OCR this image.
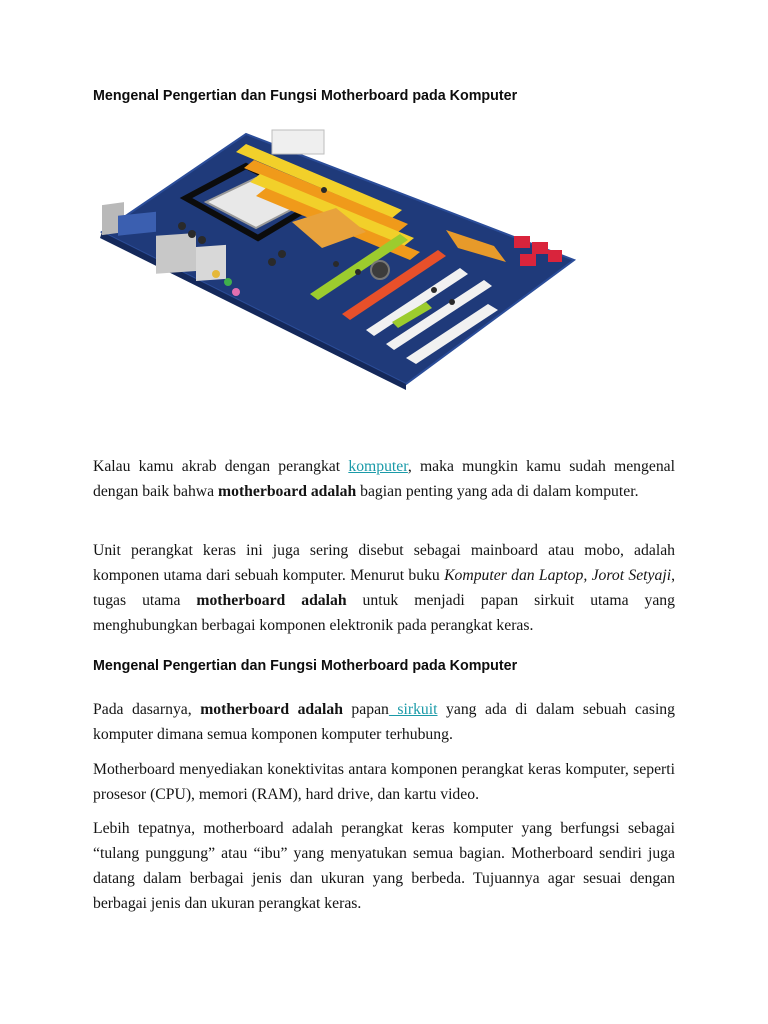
Mengenal Pengertian dan Fungsi Motherboard pada Komputer

Kalau kamu akrab dengan perangkat komputer, maka mungkin kamu sudah mengenal dengan baik bahwa motherboard adalah bagian penting yang ada di dalam komputer.

Unit perangkat keras ini juga sering disebut sebagai mainboard atau mobo, adalah komponen utama dari sebuah komputer. Menurut buku Komputer dan Laptop, Jorot Setyaji, tugas utama motherboard adalah untuk menjadi papan sirkuit utama yang menghubungkan berbagai komponen elektronik pada perangkat keras.

Mengenal Pengertian dan Fungsi Motherboard pada Komputer

Pada dasarnya, motherboard adalah papan sirkuit yang ada di dalam sebuah casing komputer dimana semua komponen komputer terhubung.

Motherboard menyediakan konektivitas antara komponen perangkat keras komputer, seperti prosesor (CPU), memori (RAM), hard drive, dan kartu video.

Lebih tepatnya, motherboard adalah perangkat keras komputer yang berfungsi sebagai “tulang punggung” atau “ibu” yang menyatukan semua bagian. Motherboard sendiri juga datang dalam berbagai jenis dan ukuran yang berbeda. Tujuannya agar sesuai dengan berbagai jenis dan ukuran perangkat keras.
